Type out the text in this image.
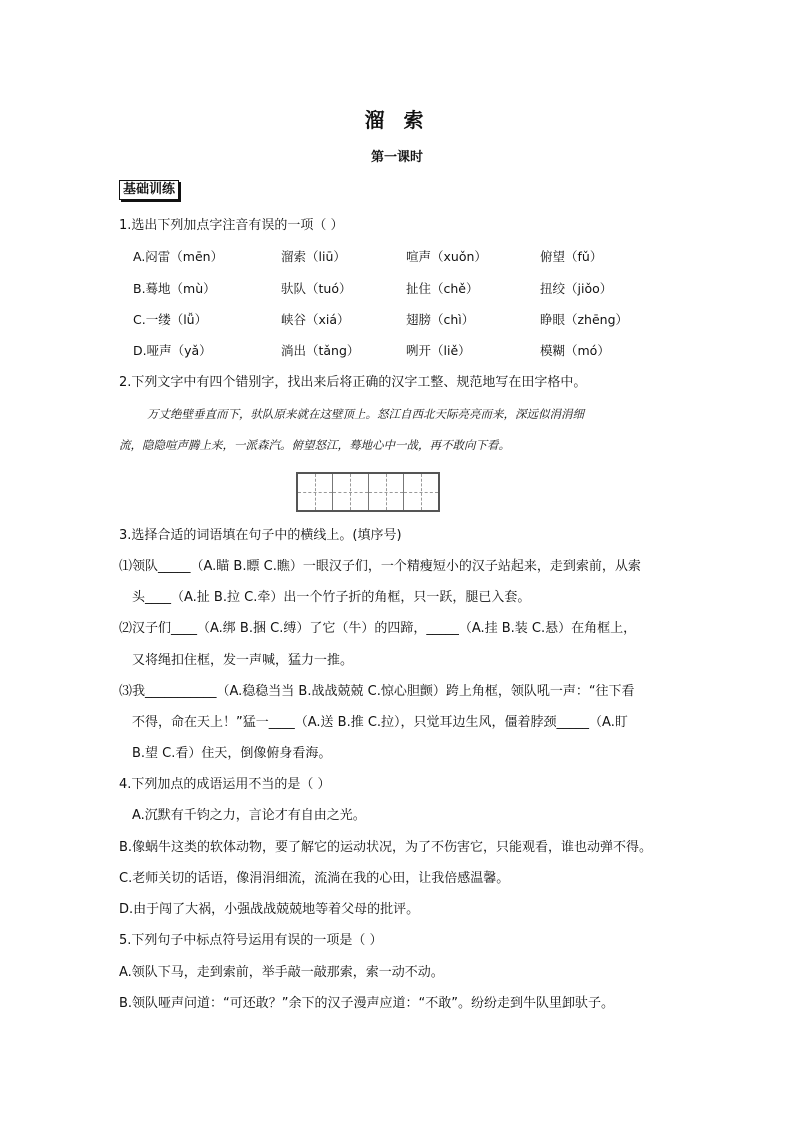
溜 索
第一课时
基础训练
1.选出下列加点字注音有误的一项（ ）
A.闷雷（mēn）	溜索（liū）	喧声（xuǒn）	俯望（fǔ）
B.蓦地（mù）	驮队（tuó）	扯住（chě）	扭绞（jiǒo）
C.一缕（lǚ）	峡谷（xiá）	翅膀（chì）	睁眼（zhēng）
D.哑声（yǎ）	淌出（tǎng）	咧开（liě）	模糊（mó）
2.下列文字中有四个错别字，找出来后将正确的汉字工整、规范地写在田字格中。
万丈绝壁垂直而下，驮队原来就在这壁顶上。怒江自西北天际亮亮而来，深远似涓涓细
流，隐隐喧声腾上来，一派森汽。俯望怒江，蓦地心中一战，再不敢向下看。
3.选择合适的词语填在句子中的横线上。(填序号)
⑴领队_____（A.瞄 B.瞟 C.瞧）一眼汉子们，一个精瘦短小的汉子站起来，走到索前，从索
头____（A.扯 B.拉 C.牵）出一个竹子折的角框，只一跃，腿已入套。
⑵汉子们____（A.绑 B.捆 C.缚）了它（牛）的四蹄，_____（A.挂 B.装 C.悬）在角框上，
又将绳扣住框，发一声喊，猛力一推。
⑶我___________（A.稳稳当当 B.战战兢兢 C.惊心胆颤）跨上角框，领队吼一声：“往下看
不得，命在天上！”猛一____（A.送 B.推 C.拉），只觉耳边生风，僵着脖颈_____（A.盯
B.望 C.看）住天，倒像俯身看海。
4.下列加点的成语运用不当的是（ ）
A.沉默有千钧之力，言论才有自由之光。
B.像蜗牛这类的软体动物，要了解它的运动状况，为了不伤害它，只能观看，谁也动弹不得。
C.老师关切的话语，像涓涓细流，流淌在我的心田，让我倍感温馨。
D.由于闯了大祸，小强战战兢兢地等着父母的批评。
5.下列句子中标点符号运用有误的一项是（ ）
A.领队下马，走到索前，举手敲一敲那索，索一动不动。
B.领队哑声问道：“可还敢？”余下的汉子漫声应道：“不敢”。纷纷走到牛队里卸驮子。
